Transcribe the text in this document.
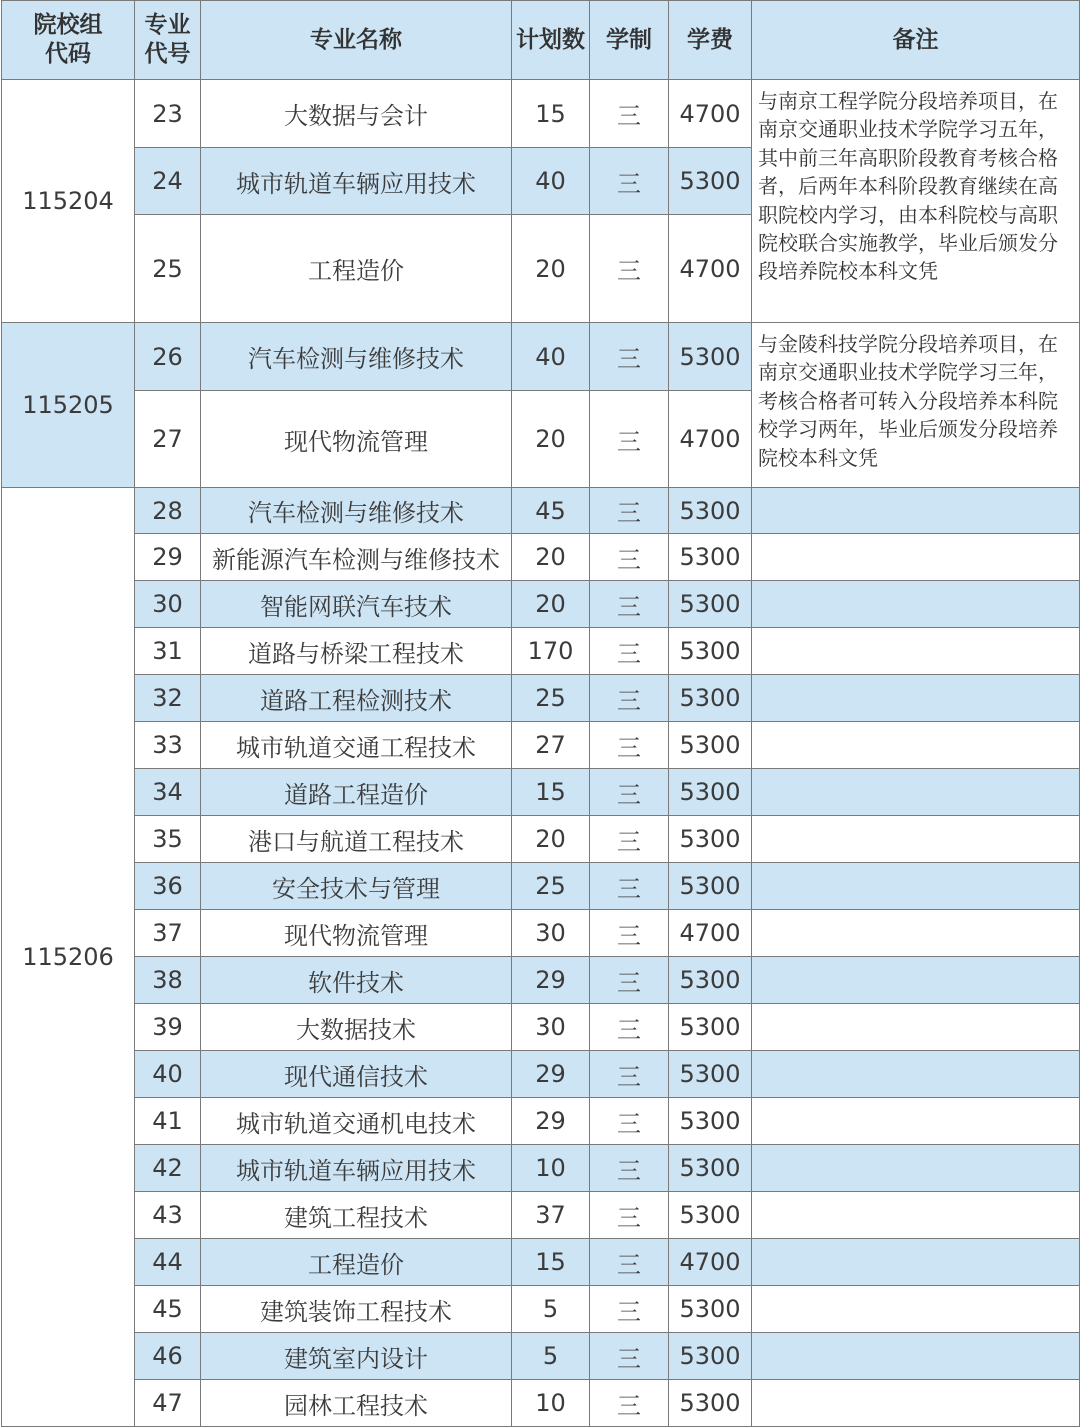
院校组代码	专业代号	专业名称	计划数	学制	学费	备注
115204	23	大数据与会计	15	三	4700	与南京工程学院分段培养项目，在南京交通职业技术学院学习五年，其中前三年高职阶段教育考核合格者，后两年本科阶段教育继续在高职院校内学习，由本科院校与高职院校联合实施教学，毕业后颁发分段培养院校本科文凭
	24	城市轨道车辆应用技术	40	三	5300	
	25	工程造价	20	三	4700	
115205	26	汽车检测与维修技术	40	三	5300	与金陵科技学院分段培养项目，在南京交通职业技术学院学习三年，考核合格者可转入分段培养本科院校学习两年，毕业后颁发分段培养院校本科文凭
	27	现代物流管理	20	三	4700	
115206	28	汽车检测与维修技术	45	三	5300	
	29	新能源汽车检测与维修技术	20	三	5300	
	30	智能网联汽车技术	20	三	5300	
	31	道路与桥梁工程技术	170	三	5300	
	32	道路工程检测技术	25	三	5300	
	33	城市轨道交通工程技术	27	三	5300	
	34	道路工程造价	15	三	5300	
	35	港口与航道工程技术	20	三	5300	
	36	安全技术与管理	25	三	5300	
	37	现代物流管理	30	三	4700	
	38	软件技术	29	三	5300	
	39	大数据技术	30	三	5300	
	40	现代通信技术	29	三	5300	
	41	城市轨道交通机电技术	29	三	5300	
	42	城市轨道车辆应用技术	10	三	5300	
	43	建筑工程技术	37	三	5300	
	44	工程造价	15	三	4700	
	45	建筑装饰工程技术	5	三	5300	
	46	建筑室内设计	5	三	5300	
	47	园林工程技术	10	三	5300	
